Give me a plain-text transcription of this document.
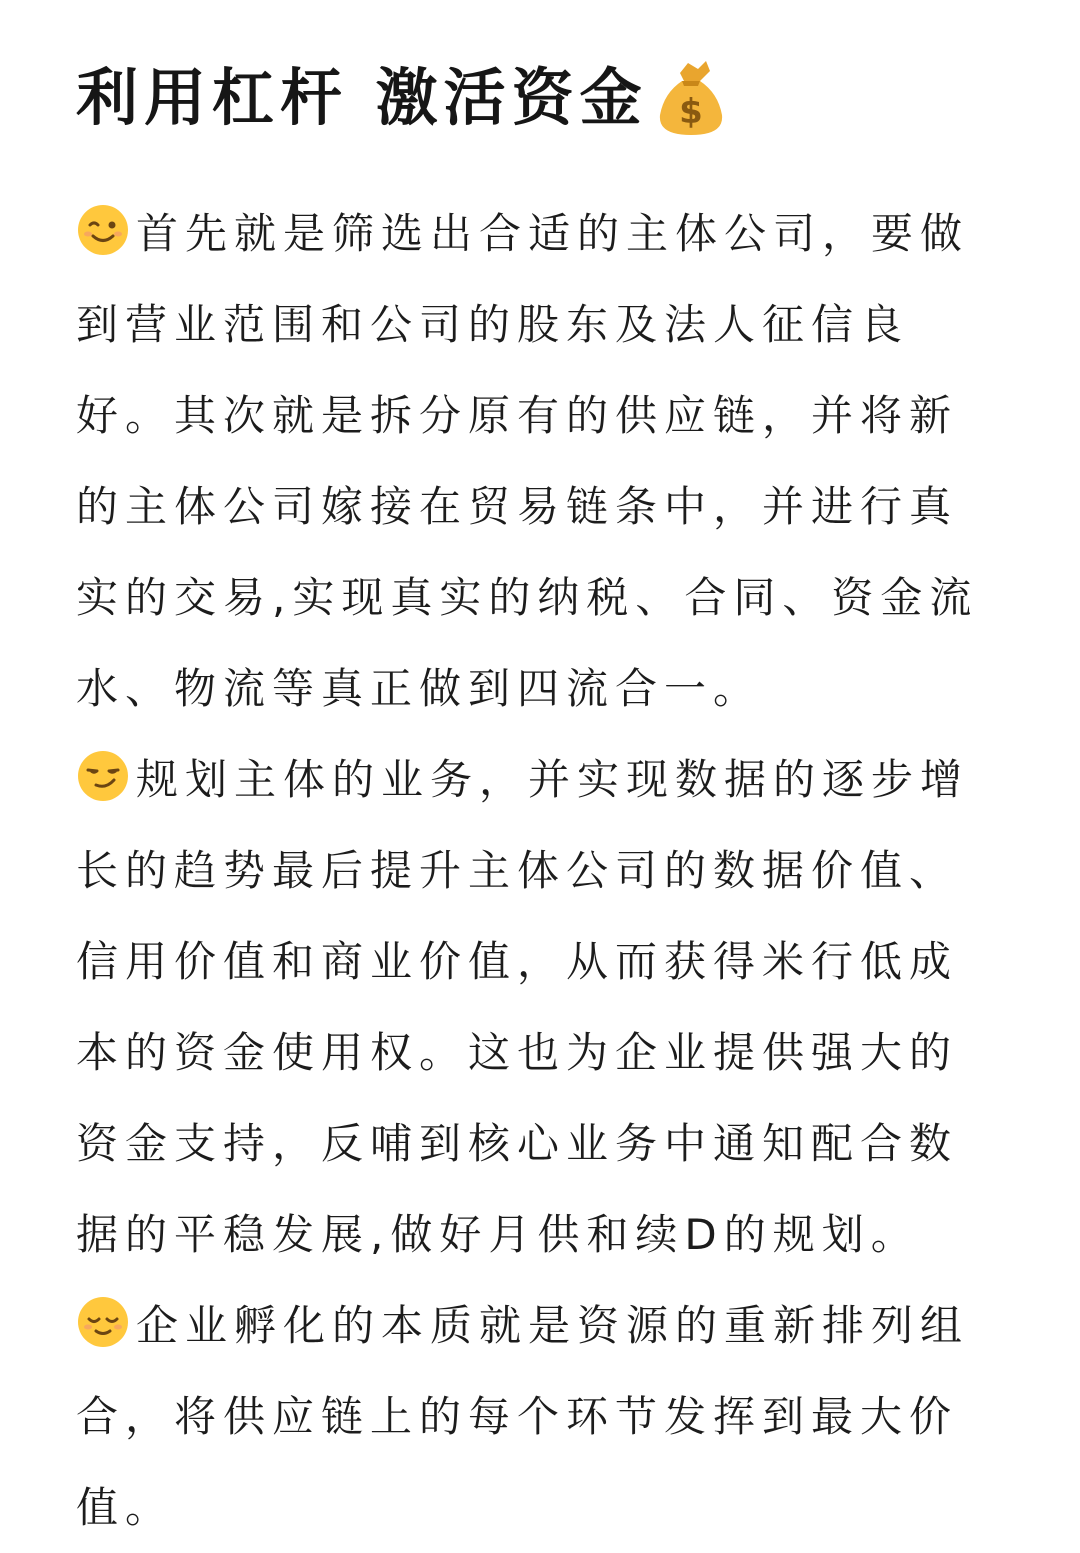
利用杠杆 激活资金 $

首先就是筛选出合适的主体公司，要做到营业范围和公司的股东及法人征信良好。其次就是拆分原有的供应链，并将新的主体公司嫁接在贸易链条中，并进行真实的交易,实现真实的纳税、合同、资金流水、物流等真正做到四流合一。

规划主体的业务，并实现数据的逐步增长的趋势最后提升主体公司的数据价值、信用价值和商业价值，从而获得米行低成本的资金使用权。这也为企业提供强大的资金支持，反哺到核心业务中通知配合数据的平稳发展,做好月供和续D的规划。

企业孵化的本质就是资源的重新排列组合，将供应链上的每个环节发挥到最大价值。
